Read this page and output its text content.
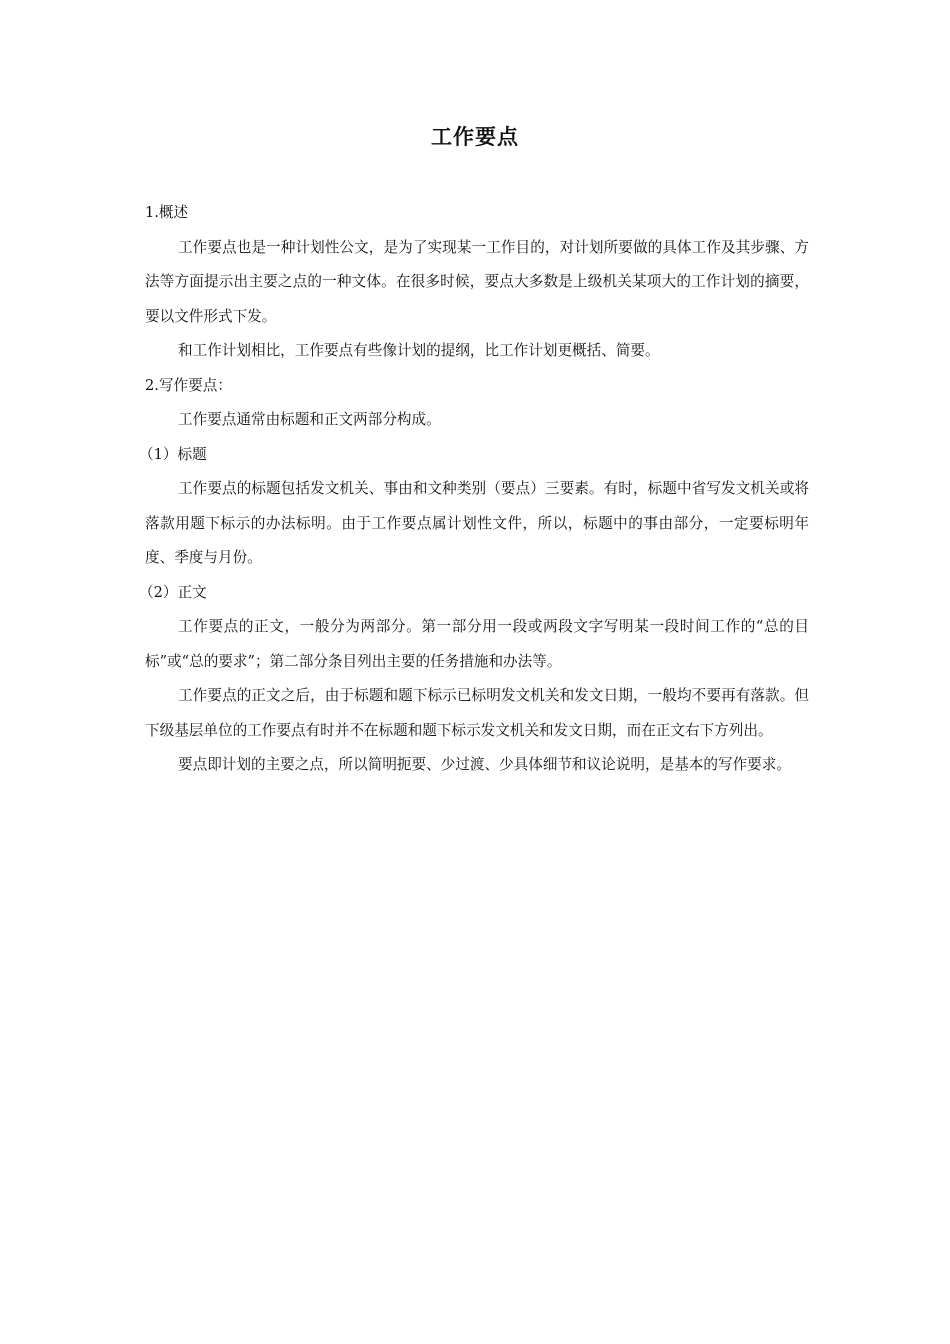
工作要点

1.概述

工作要点也是一种计划性公文，是为了实现某一工作目的，对计划所要做的具体工作及其步骤、方法等方面提示出主要之点的一种文体。在很多时候，要点大多数是上级机关某项大的工作计划的摘要，要以文件形式下发。

和工作计划相比，工作要点有些像计划的提纲，比工作计划更概括、简要。

2.写作要点：

工作要点通常由标题和正文两部分构成。

（1）标题

工作要点的标题包括发文机关、事由和文种类别（要点）三要素。有时，标题中省写发文机关或将落款用题下标示的办法标明。由于工作要点属计划性文件，所以，标题中的事由部分，一定要标明年度、季度与月份。

（2）正文

工作要点的正文，一般分为两部分。第一部分用一段或两段文字写明某一段时间工作的“总的目标”或“总的要求”；第二部分条目列出主要的任务措施和办法等。

工作要点的正文之后，由于标题和题下标示已标明发文机关和发文日期，一般均不要再有落款。但下级基层单位的工作要点有时并不在标题和题下标示发文机关和发文日期，而在正文右下方列出。

要点即计划的主要之点，所以简明扼要、少过渡、少具体细节和议论说明，是基本的写作要求。
